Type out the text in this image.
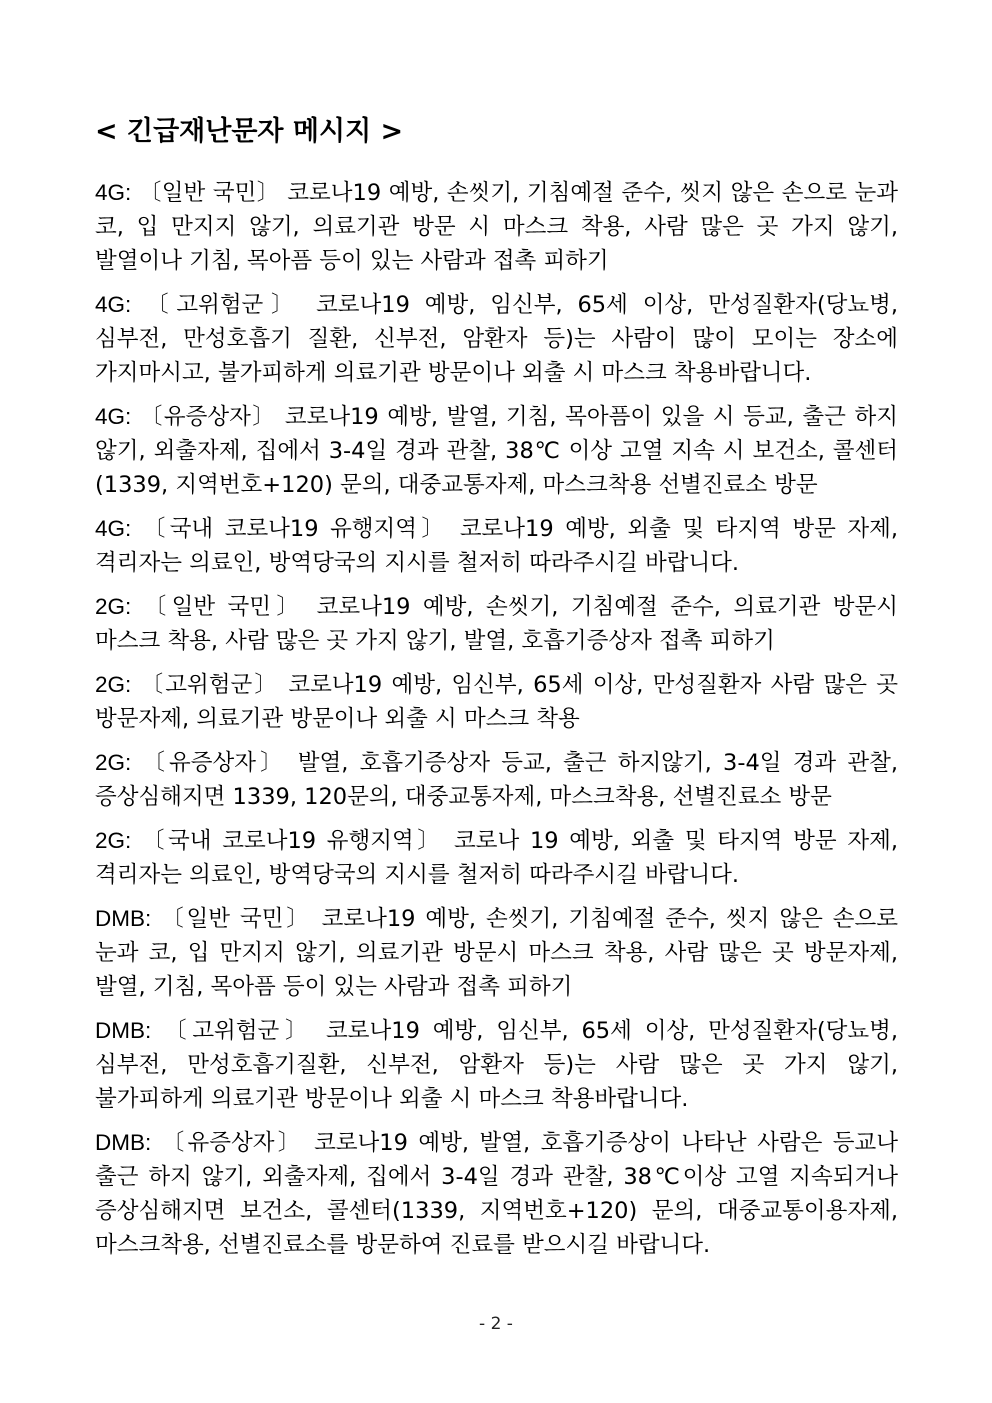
< 긴급재난문자 메시지 >

4G: 〔일반 국민〕 코로나19 예방, 손씻기, 기침예절 준수, 씻지 않은 손으로 눈과 코, 입 만지지 않기, 의료기관 방문 시 마스크 착용, 사람 많은 곳 가지 않기, 발열이나 기침, 목아픔 등이 있는 사람과 접촉 피하기

4G: 〔고위험군〕 코로나19 예방, 임신부, 65세 이상, 만성질환자(당뇨병, 심부전, 만성호흡기 질환, 신부전, 암환자 등)는 사람이 많이 모이는 장소에 가지마시고, 불가피하게 의료기관 방문이나 외출 시 마스크 착용바랍니다.

4G: 〔유증상자〕 코로나19 예방, 발열, 기침, 목아픔이 있을 시 등교, 출근 하지 않기, 외출자제, 집에서 3-4일 경과 관찰, 38℃ 이상 고열 지속 시 보건소, 콜센터(1339, 지역번호+120) 문의, 대중교통자제, 마스크착용 선별진료소 방문

4G: 〔국내 코로나19 유행지역〕 코로나19 예방, 외출 및 타지역 방문 자제, 격리자는 의료인, 방역당국의 지시를 철저히 따라주시길 바랍니다.

2G: 〔일반 국민〕 코로나19 예방, 손씻기, 기침예절 준수, 의료기관 방문시 마스크 착용, 사람 많은 곳 가지 않기, 발열, 호흡기증상자 접촉 피하기

2G: 〔고위험군〕 코로나19 예방, 임신부, 65세 이상, 만성질환자 사람 많은 곳 방문자제, 의료기관 방문이나 외출 시 마스크 착용

2G: 〔유증상자〕 발열, 호흡기증상자 등교, 출근 하지않기, 3-4일 경과 관찰, 증상심해지면 1339, 120문의, 대중교통자제, 마스크착용, 선별진료소 방문

2G: 〔국내 코로나19 유행지역〕 코로나 19 예방, 외출 및 타지역 방문 자제, 격리자는 의료인, 방역당국의 지시를 철저히 따라주시길 바랍니다.

DMB: 〔일반 국민〕 코로나19 예방, 손씻기, 기침예절 준수, 씻지 않은 손으로 눈과 코, 입 만지지 않기, 의료기관 방문시 마스크 착용, 사람 많은 곳 방문자제, 발열, 기침, 목아픔 등이 있는 사람과 접촉 피하기

DMB: 〔고위험군〕 코로나19 예방, 임신부, 65세 이상, 만성질환자(당뇨병, 심부전, 만성호흡기질환, 신부전, 암환자 등)는 사람 많은 곳 가지 않기, 불가피하게 의료기관 방문이나 외출 시 마스크 착용바랍니다.

DMB: 〔유증상자〕 코로나19 예방, 발열, 호흡기증상이 나타난 사람은 등교나 출근 하지 않기, 외출자제, 집에서 3-4일 경과 관찰, 38℃이상 고열 지속되거나 증상심해지면 보건소, 콜센터(1339, 지역번호+120) 문의, 대중교통이용자제, 마스크착용, 선별진료소를 방문하여 진료를 받으시길 바랍니다.

- 2 -
